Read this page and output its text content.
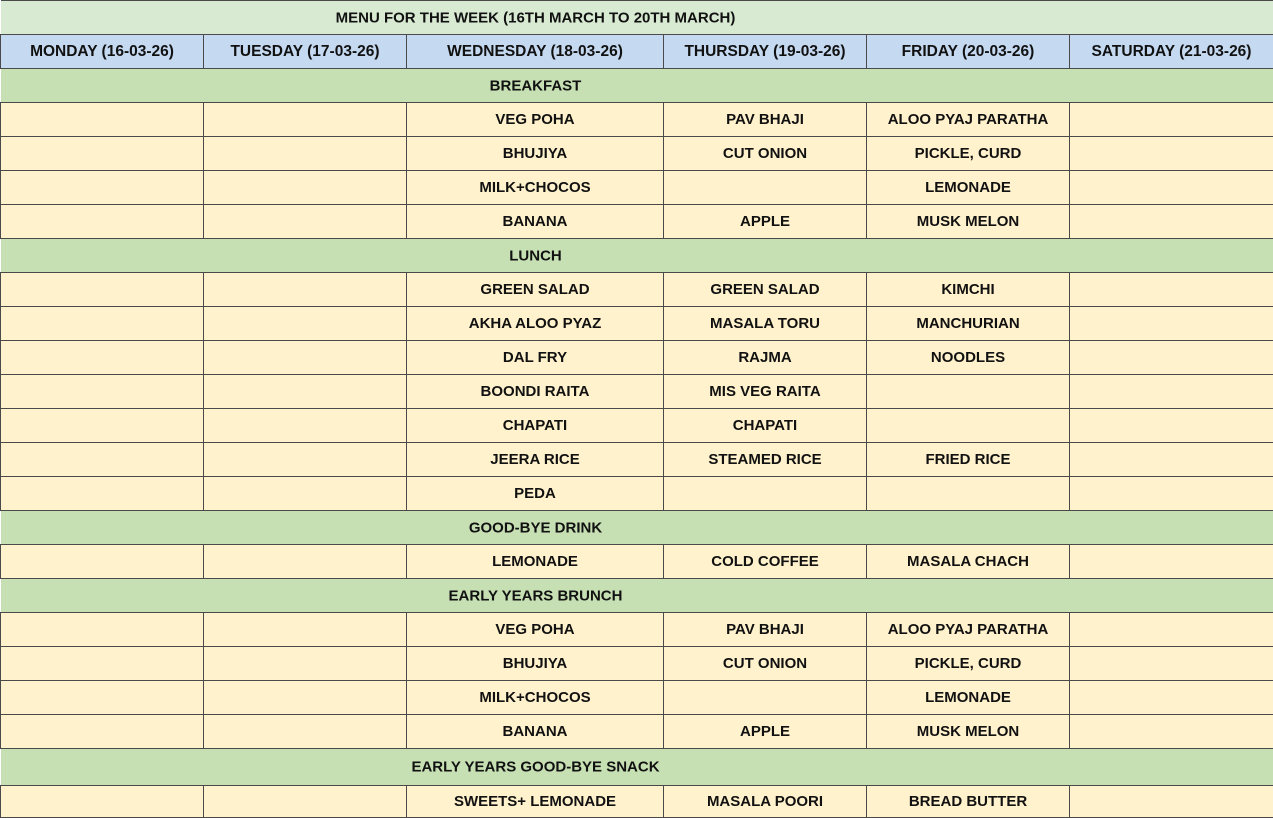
MENU FOR THE WEEK (16TH MARCH TO 20TH MARCH)					

MONDAY (16-03-26)	TUESDAY (17-03-26)	WEDNESDAY (18-03-26)	THURSDAY (19-03-26)	FRIDAY (20-03-26)	SATURDAY (21-03-26)

BREAKFAST					

		VEG POHA	PAV BHAJI	ALOO PYAJ PARATHA	
		BHUJIYA	CUT ONION	PICKLE, CURD	
		MILK+CHOCOS		LEMONADE	
		BANANA	APPLE	MUSK MELON	

LUNCH					

		GREEN SALAD	GREEN SALAD	KIMCHI	
		AKHA ALOO PYAZ	MASALA TORU	MANCHURIAN	
		DAL FRY	RAJMA	NOODLES	
		BOONDI RAITA	MIS VEG RAITA		
		CHAPATI	CHAPATI		
		JEERA RICE	STEAMED RICE	FRIED RICE	
		PEDA			

GOOD-BYE DRINK					

		LEMONADE	COLD COFFEE	MASALA CHACH	

EARLY YEARS BRUNCH					

		VEG POHA	PAV BHAJI	ALOO PYAJ PARATHA	
		BHUJIYA	CUT ONION	PICKLE, CURD	
		MILK+CHOCOS		LEMONADE	
		BANANA	APPLE	MUSK MELON	

EARLY YEARS GOOD-BYE SNACK					

		SWEETS+ LEMONADE	MASALA POORI	BREAD BUTTER	
